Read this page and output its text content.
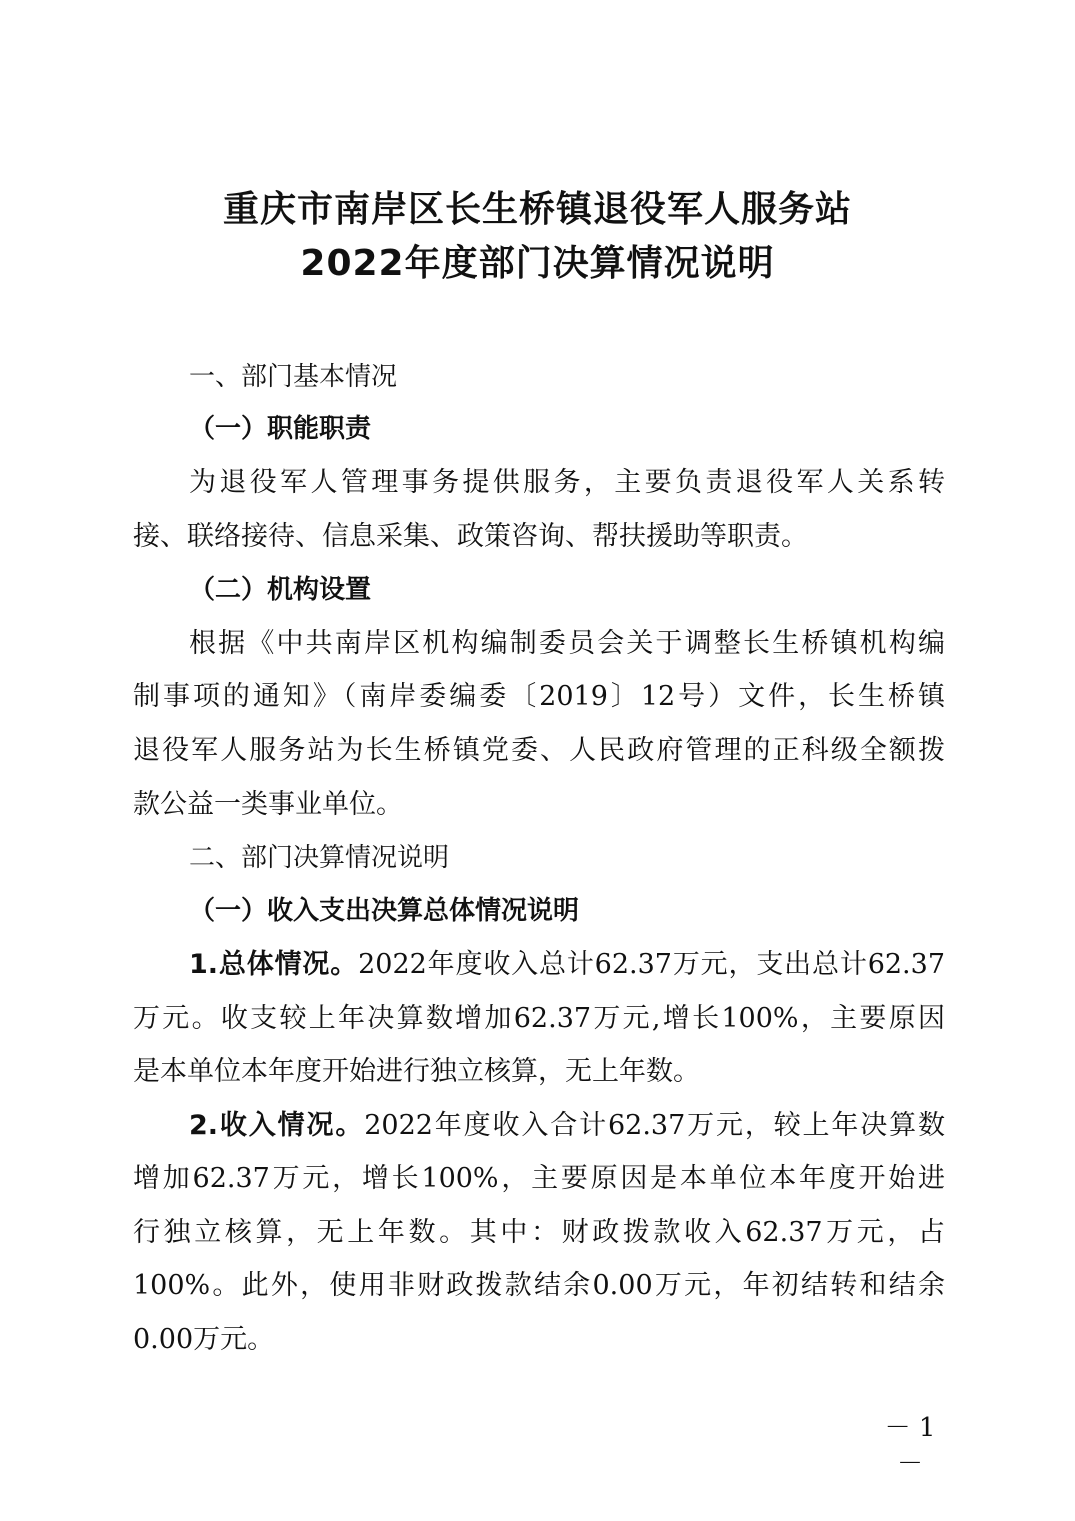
重庆市南岸区长生桥镇退役军人服务站
2022年度部门决算情况说明
一、部门基本情况
（一）职能职责
为退役军人管理事务提供服务，主要负责退役军人关系转
接、联络接待、信息采集、政策咨询、帮扶援助等职责。
（二）机构设置
根据《中共南岸区机构编制委员会关于调整长生桥镇机构编
制事项的通知》（南岸委编委〔2019〕12号）文件，长生桥镇
退役军人服务站为长生桥镇党委、人民政府管理的正科级全额拨
款公益一类事业单位。
二、部门决算情况说明
（一）收入支出决算总体情况说明
1.总体情况。2022年度收入总计62.37万元，支出总计62.37
万元。收支较上年决算数增加62.37万元,增长100%，主要原因
是本单位本年度开始进行独立核算，无上年数。
2.收入情况。2022年度收入合计62.37万元，较上年决算数
增加62.37万元，增长100%，主要原因是本单位本年度开始进
行独立核算，无上年数。其中：财政拨款收入62.37万元，占
100%。此外，使用非财政拨款结余0.00万元，年初结转和结余
0.00万元。
－ 1 －
